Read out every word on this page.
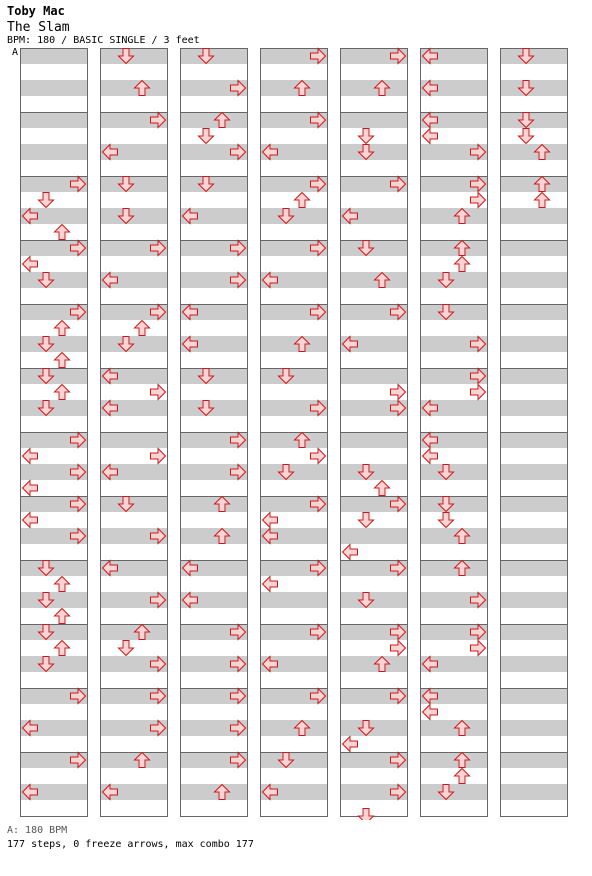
Toby Mac
The Slam
BPM: 180 / BASIC SINGLE / 3 feet
A
A: 180 BPM
177 steps, 0 freeze arrows, max combo 177
